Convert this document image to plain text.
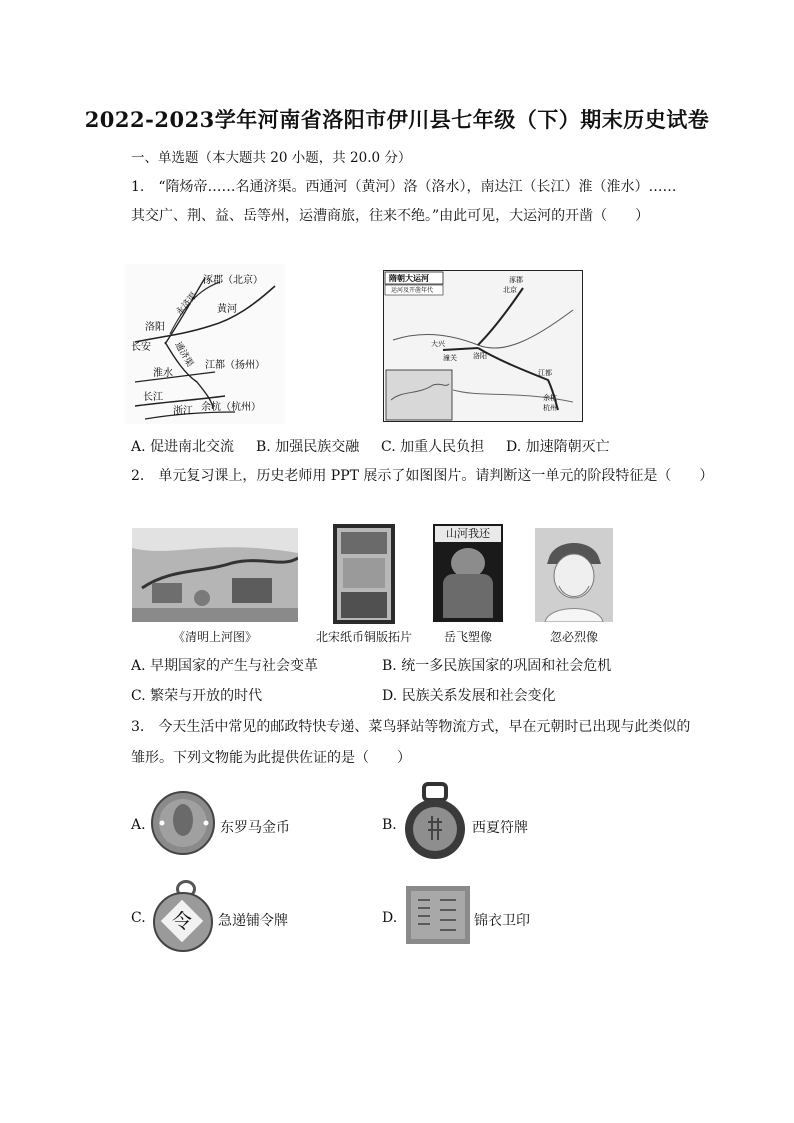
2022-2023学年河南省洛阳市伊川县七年级（下）期末历史试卷
一、单选题（本大题共 20 小题，共 20.0 分）
1.　“隋炀帝……名通济渠。西通河（黄河）洛（洛水），南达江（长江）淮（淮水）……
其交广、荆、益、岳等州，运漕商旅，往来不绝。”由此可见，大运河的开凿（　　）
涿郡（北京）
永济渠 黄河
洛阳
长安 通济渠 江都（扬州）
淮水
长江
浙江 余杭（杭州）
隋朝大运河
运河及开凿年代
涿郡
北京
大兴
洛阳
潼关
江都
余杭
杭州
A. 促进南北交流 B. 加强民族交融 C. 加重人民负担 D. 加速隋朝灭亡
2.　单元复习课上，历史老师用 PPT 展示了如图图片。请判断这一单元的阶段特征是（　　）
《清明上河图》	北宋纸币铜版拓片
山河我还
岳飞塑像	忽必烈像
A. 早期国家的产生与社会变革	B. 统一多民族国家的巩固和社会危机
C. 繁荣与开放的时代	D. 民族关系发展和社会变化
3.　今天生活中常见的邮政特快专递、菜鸟驿站等物流方式，早在元朝时已出现与此类似的
雏形。下列文物能为此提供佐证的是（　　）
A.	东罗马金币	B.	西夏符牌
C. 令	急递铺令牌	D.	锦衣卫印
